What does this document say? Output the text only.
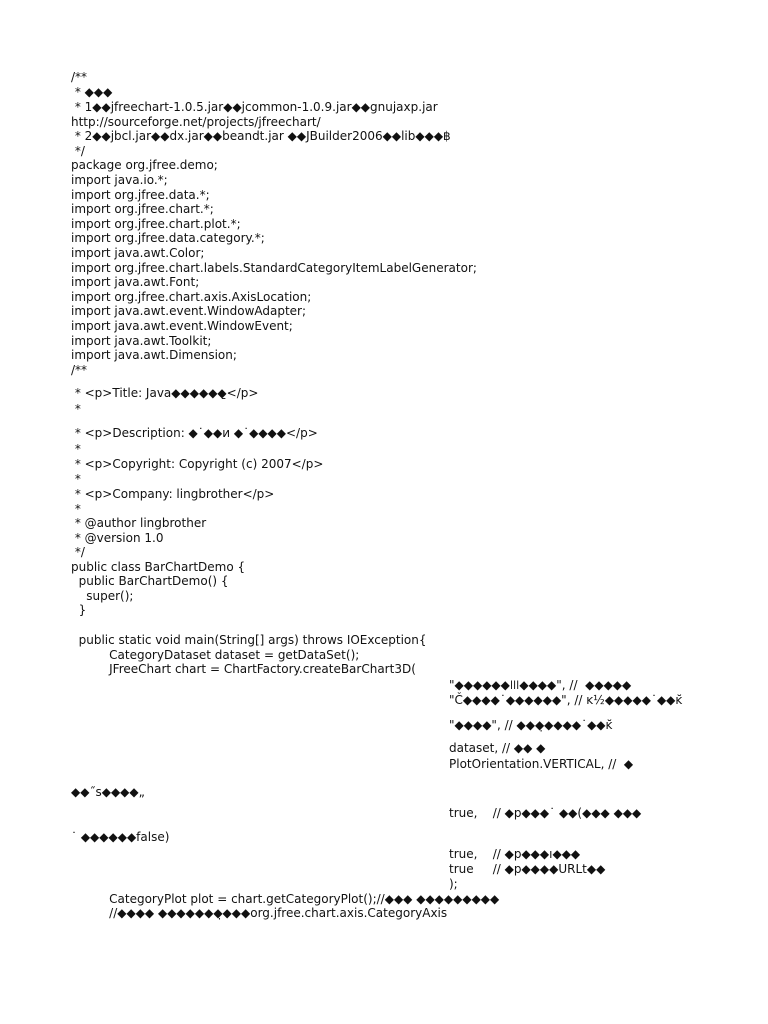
/**
* ◆◆◆
* 1◆◆jfreechart-1.0.5.jar◆◆jcommon-1.0.9.jar◆◆gnujaxp.jar
http://sourceforge.net/projects/jfreechart/
* 2◆◆jbcl.jar◆◆dx.jar◆◆beandt.jar ◆◆JBuilder2006◆◆lib◆◆◆฿
*/
package org.jfree.demo;
import java.io.*;
import org.jfree.data.*;
import org.jfree.chart.*;
import org.jfree.chart.plot.*;
import org.jfree.data.category.*;
import java.awt.Color;
import org.jfree.chart.labels.StandardCategoryItemLabelGenerator;
import java.awt.Font;
import org.jfree.chart.axis.AxisLocation;
import java.awt.event.WindowAdapter;
import java.awt.event.WindowEvent;
import java.awt.Toolkit;
import java.awt.Dimension;
/**
* <p>Title: Java◆◆◆◆◆◆̱</p>
*
* <p>Description: ◆˙◆◆и ◆˙◆◆◆◆</p>
*
* <p>Copyright: Copyright (c) 2007</p>
*
* <p>Company: lingbrother</p>
*
* @author lingbrother
* @version 1.0
*/
public class BarChartDemo {
public BarChartDemo() {
super();
}
public static void main(String[] args) throws IOException{
CategoryDataset dataset = getDataSet();
JFreeChart chart = ChartFactory.createBarChart3D(
"◆◆◆◆◆◆Ⲽ◆◆◆◆", //  ◆◆◆◆◆
"Č◆◆◆◆˙◆◆◆◆◆◆", // ĸ½◆◆◆◆◆˙◆◆ĸ̆
"◆◆◆◆", // ◆◆◆̣◆◆◆◆˙◆◆ĸ̆
dataset, // ◆◆ ◆
PlotOrientation.VERTICAL, //  ◆
◆◆˝ѕ◆◆◆◆„
true,    // ◆р◆◆◆˙ ◆◆(◆◆◆̵ ◆◆◆
˙ ◆◆◆◆◆◆false)
true,    // ◆р◆◆◆ı◆◆◆
true     // ◆р◆◆◆◆URLt◆◆
);
CategoryPlot plot = chart.getCategoryPlot();//◆◆◆ ◆◆◆◆◆◆◆◆◆
//◆◆◆◆ ◆◆◆◆◆◆◆̣◆◆◆org.jfree.chart.axis.CategoryAxis
